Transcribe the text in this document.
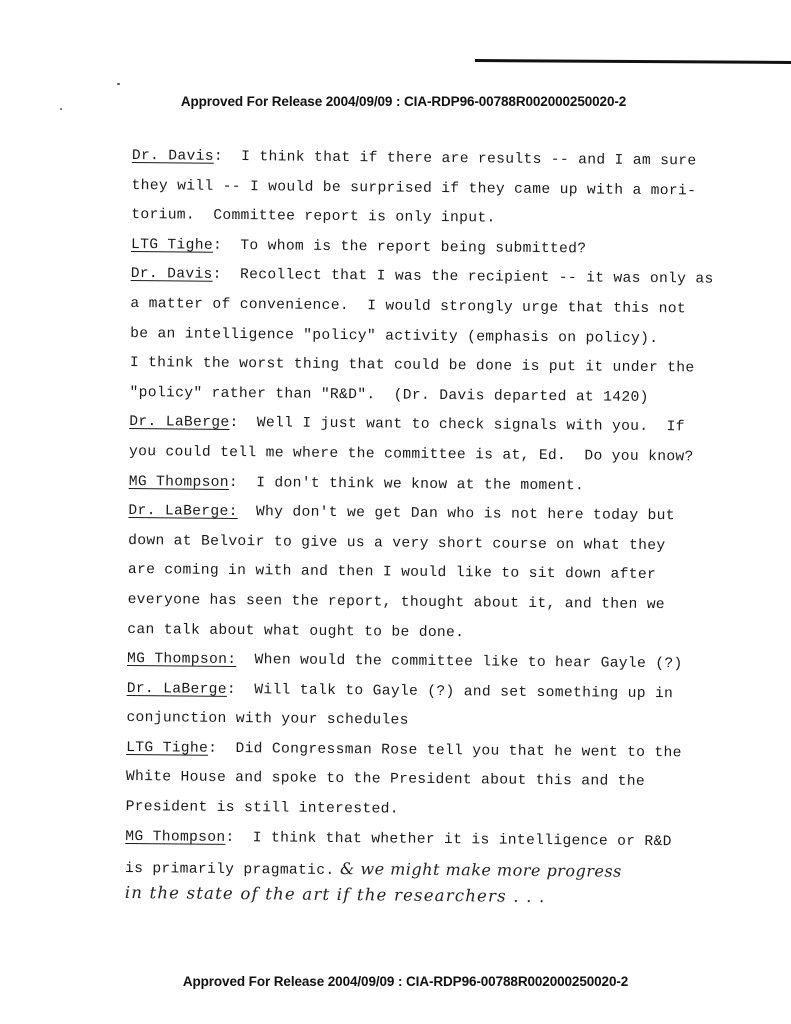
Approved For Release 2004/09/09 : CIA-RDP96-00788R002000250020-2
Dr. Davis:  I think that if there are results -- and I am sure
they will -- I would be surprised if they came up with a mori-
torium.  Committee report is only input.
LTG Tighe:  To whom is the report being submitted?
Dr. Davis:  Recollect that I was the recipient -- it was only as
a matter of convenience.  I would strongly urge that this not
be an intelligence "policy" activity (emphasis on policy).
I think the worst thing that could be done is put it under the
"policy" rather than "R&D".  (Dr. Davis departed at 1420)
Dr. LaBerge:  Well I just want to check signals with you.  If
you could tell me where the committee is at, Ed.  Do you know?
MG Thompson:  I don't think we know at the moment.
Dr. LaBerge:  Why don't we get Dan who is not here today but
down at Belvoir to give us a very short course on what they
are coming in with and then I would like to sit down after
everyone has seen the report, thought about it, and then we
can talk about what ought to be done.
MG Thompson:  When would the committee like to hear Gayle (?)
Dr. LaBerge:  Will talk to Gayle (?) and set something up in
conjunction with your schedules
LTG Tighe:  Did Congressman Rose tell you that he went to the
White House and spoke to the President about this and the
President is still interested.
MG Thompson:  I think that whether it is intelligence or R&D
is primarily pragmatic. & we might make more progress
in the state of the art if the researchers . . .
Approved For Release 2004/09/09 : CIA-RDP96-00788R002000250020-2
